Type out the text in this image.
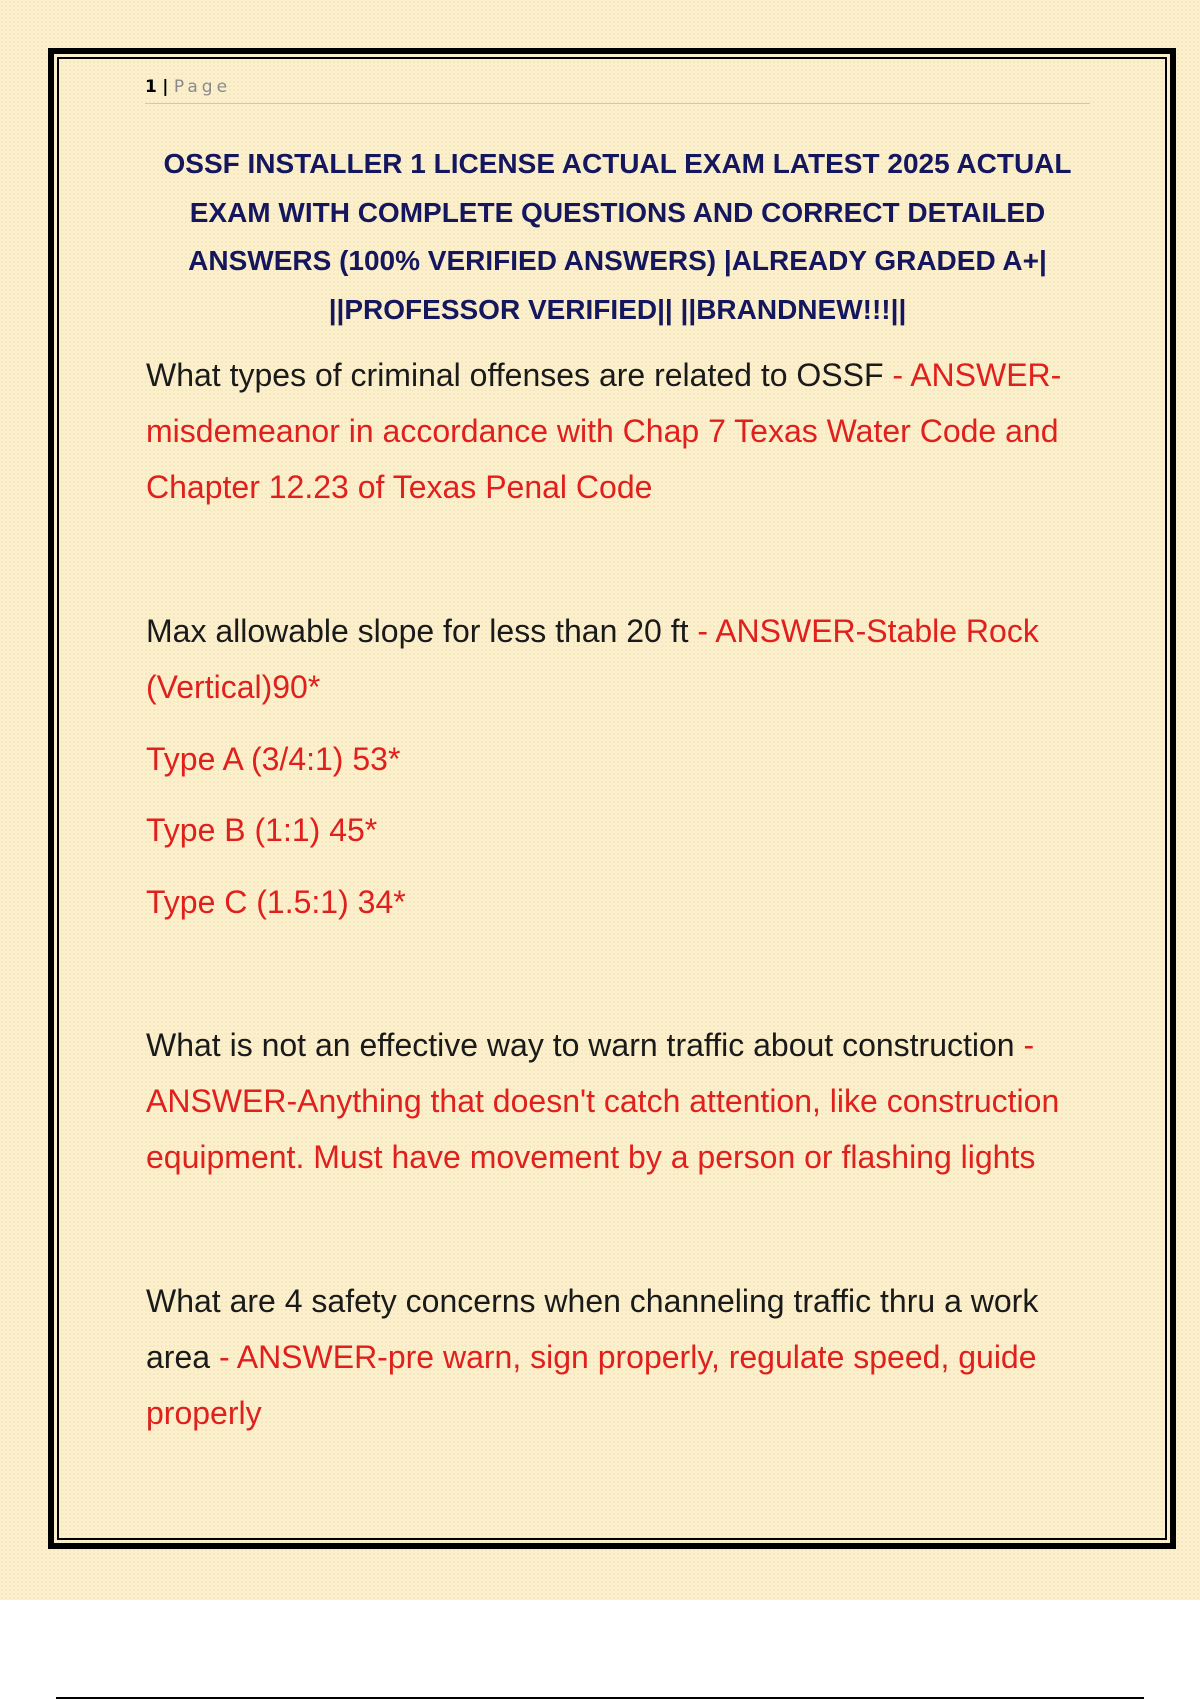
1 | Page
OSSF INSTALLER 1 LICENSE ACTUAL EXAM LATEST 2025 ACTUAL EXAM WITH COMPLETE QUESTIONS AND CORRECT DETAILED ANSWERS (100% VERIFIED ANSWERS) |ALREADY GRADED A+| ||PROFESSOR VERIFIED|| ||BRANDNEW!!!||

What types of criminal offenses are related to OSSF - ANSWER-misdemeanor in accordance with Chap 7 Texas Water Code and Chapter 12.23 of Texas Penal Code

Max allowable slope for less than 20 ft - ANSWER-Stable Rock (Vertical)90*

Type A (3/4:1) 53*

Type B (1:1) 45*

Type C (1.5:1) 34*

What is not an effective way to warn traffic about construction - ANSWER-Anything that doesn't catch attention, like construction equipment. Must have movement by a person or flashing lights

What are 4 safety concerns when channeling traffic thru a work area - ANSWER-pre warn, sign properly, regulate speed, guide properly
